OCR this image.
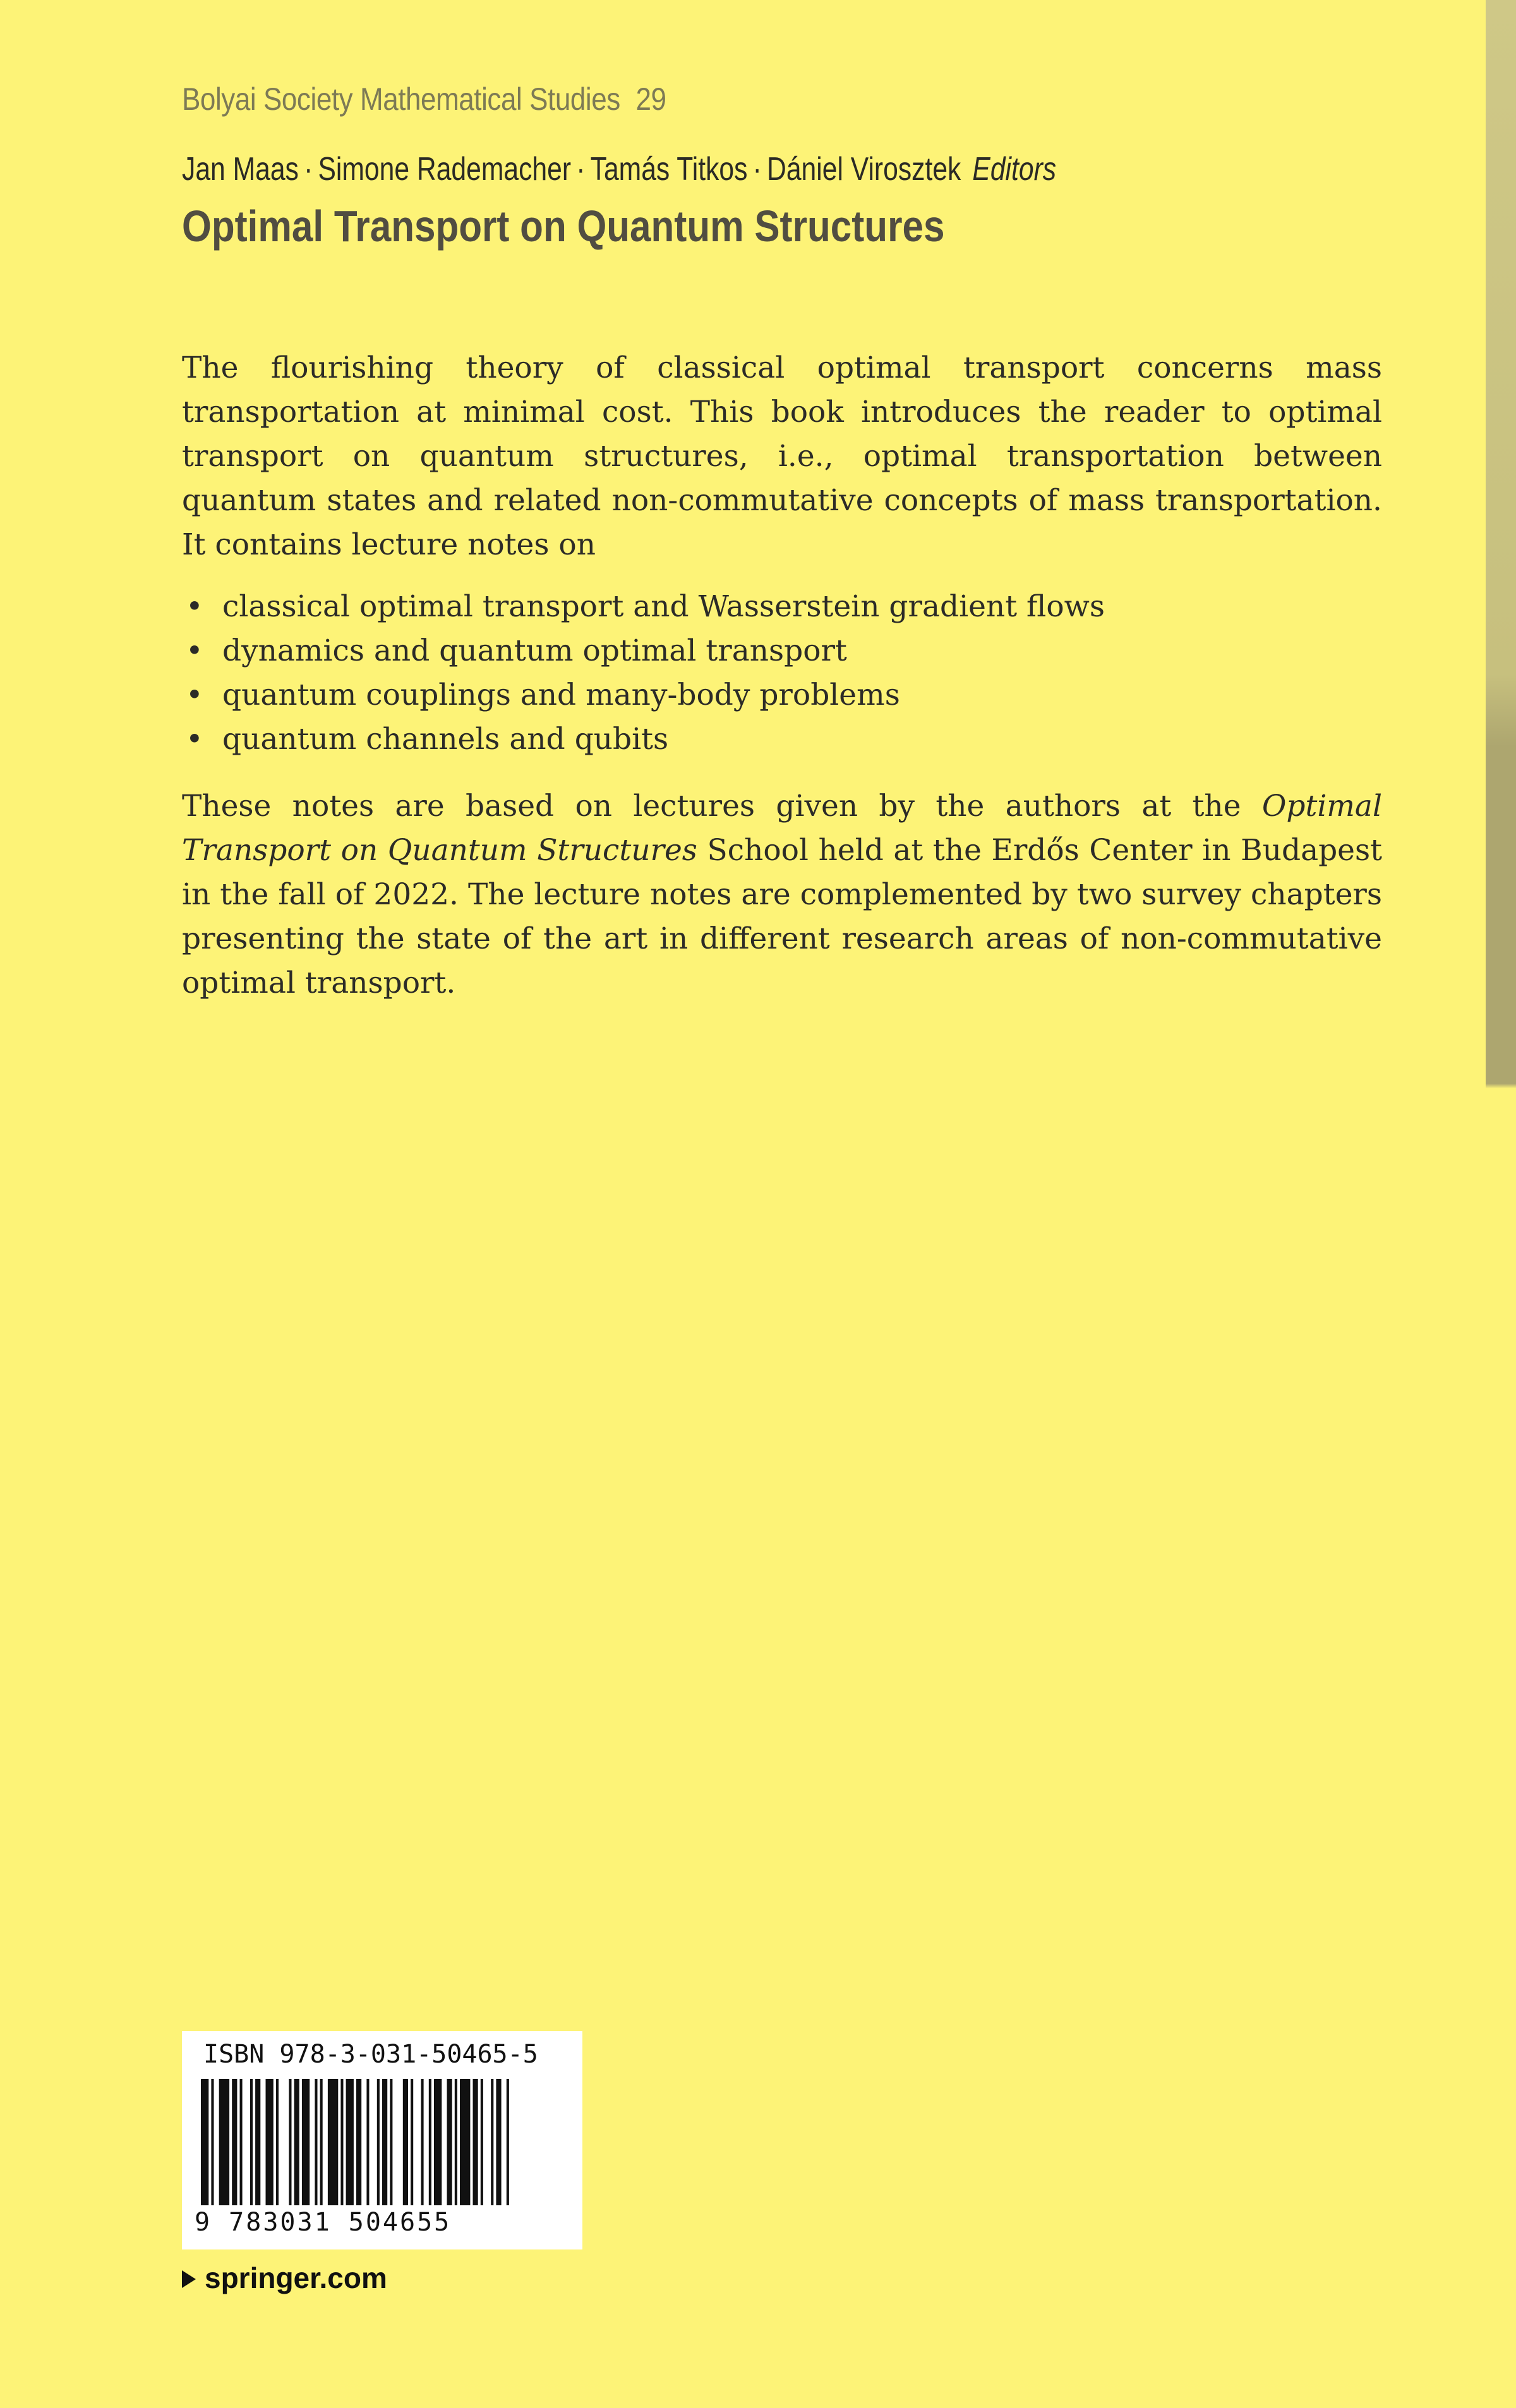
Bolyai Society Mathematical Studies 29
Jan Maas · Simone Rademacher · Tamás Titkos · Dániel Virosztek Editors
Optimal Transport on Quantum Structures

The flourishing theory of classical optimal transport concerns mass transportation at minimal cost. This book introduces the reader to optimal transport on quantum structures, i.e., optimal transportation between quantum states and related non-commutative concepts of mass transportation. It contains lecture notes on

• classical optimal transport and Wasserstein gradient flows
• dynamics and quantum optimal transport
• quantum couplings and many-body problems
• quantum channels and qubits

These notes are based on lectures given by the authors at the Optimal Transport on Quantum Structures School held at the Erdős Center in Budapest in the fall of 2022. The lecture notes are complemented by two survey chapters presenting the state of the art in different research areas of non-commutative optimal transport.

ISBN 978-3-031-50465-5
9 783031 504655
springer.com
